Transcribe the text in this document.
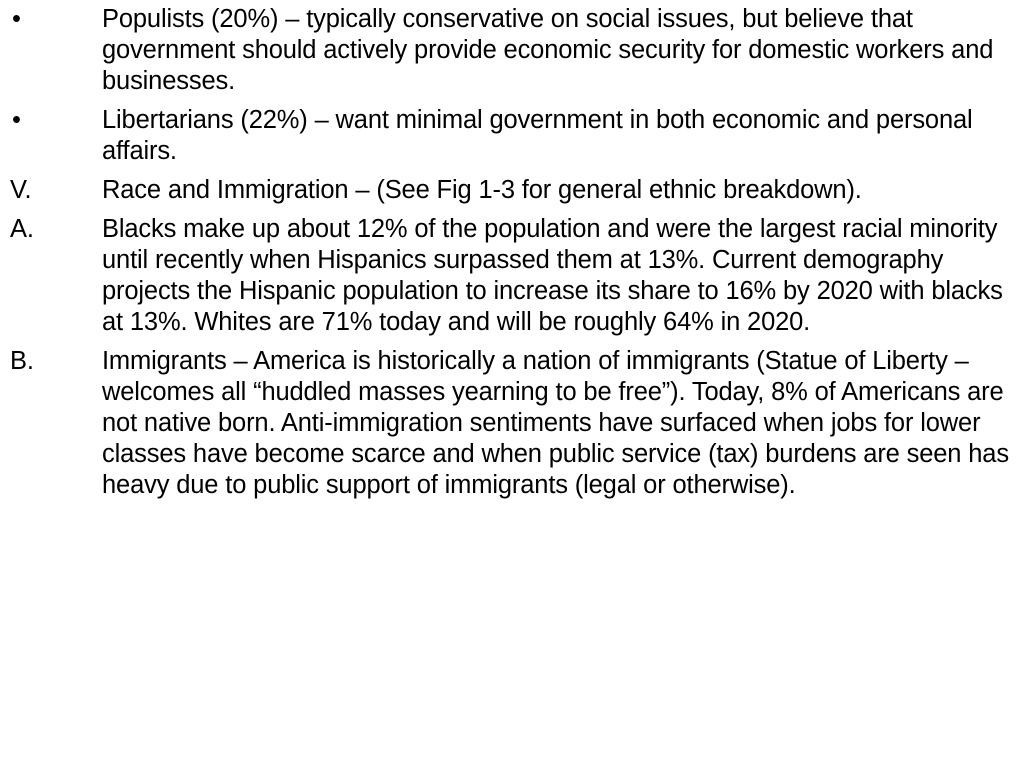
•	Populists (20%) – typically conservative on social issues, but believe that government should actively provide economic security for domestic workers and businesses.
•	Libertarians (22%) – want minimal government in both economic and personal affairs.
V.	Race and Immigration – (See Fig 1-3 for general ethnic breakdown).
A.	Blacks make up about 12% of the population and were the largest racial minority until recently when Hispanics surpassed them at 13%. Current demography projects the Hispanic population to increase its share to 16% by 2020 with blacks at 13%. Whites are 71% today and will be roughly 64% in 2020.
B.	Immigrants – America is historically a nation of immigrants (Statue of Liberty – welcomes all “huddled masses yearning to be free”). Today, 8% of Americans are not native born. Anti-immigration sentiments have surfaced when jobs for lower classes have become scarce and when public service (tax) burdens are seen has heavy due to public support of immigrants (legal or otherwise).
